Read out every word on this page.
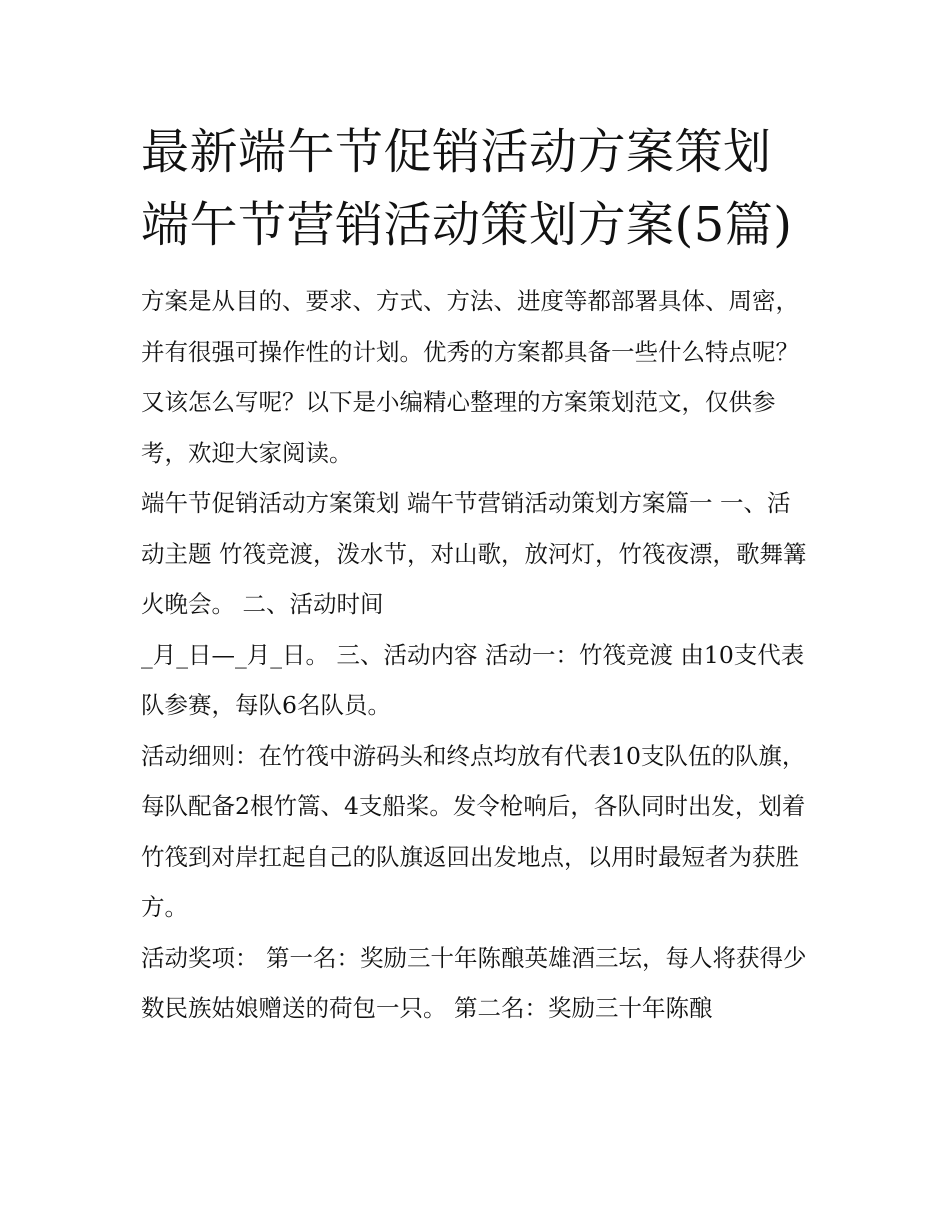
最新端午节促销活动方案策划 端午节营销活动策划方案(5篇)

方案是从目的、要求、方式、方法、进度等都部署具体、周密，并有很强可操作性的计划。优秀的方案都具备一些什么特点呢？又该怎么写呢？以下是小编精心整理的方案策划范文，仅供参考，欢迎大家阅读。

端午节促销活动方案策划 端午节营销活动策划方案篇一 一、活动主题 竹筏竞渡，泼水节，对山歌，放河灯，竹筏夜漂，歌舞篝火晚会。 二、活动时间

_月_日—_月_日。 三、活动内容 活动一：竹筏竞渡 由10支代表队参赛，每队6名队员。

活动细则：在竹筏中游码头和终点均放有代表10支队伍的队旗，每队配备2根竹篙、4支船桨。发令枪响后，各队同时出发，划着竹筏到对岸扛起自己的队旗返回出发地点，以用时最短者为获胜方。

活动奖项： 第一名：奖励三十年陈酿英雄酒三坛，每人将获得少数民族姑娘赠送的荷包一只。 第二名：奖励三十年陈酿
